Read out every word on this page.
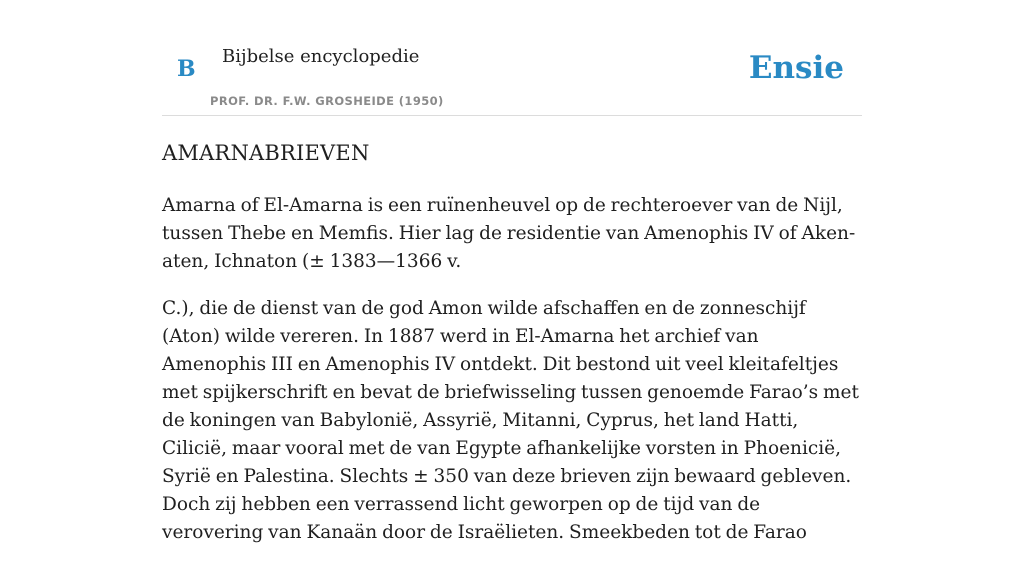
B Bijbelse encyclopedie
PROF. DR. F.W. GROSHEIDE (1950)
Ensie
AMARNABRIEVEN

Amarna of El-Amarna is een ruïnenheuvel op de rechteroever van de Nijl, tussen Thebe en Memfis. Hier lag de residentie van Amenophis IV of Aken-aten, Ichnaton (± 1383—1366 v.

C.), die de dienst van de god Amon wilde afschaffen en de zonneschijf (Aton) wilde vereren. In 1887 werd in El-Amarna het archief van Amenophis III en Amenophis IV ontdekt. Dit bestond uit veel kleitafeltjes met spijkerschrift en bevat de briefwisseling tussen genoemde Farao’s met de koningen van Babylonië, Assyrië, Mitanni, Cyprus, het land Hatti, Cilicië, maar vooral met de van Egypte afhankelijke vorsten in Phoenicië, Syrië en Palestina. Slechts ± 350 van deze brieven zijn bewaard gebleven. Doch zij hebben een verrassend licht geworpen op de tijd van de verovering van Kanaän door de Israëlieten. Smeekbeden tot de Farao
